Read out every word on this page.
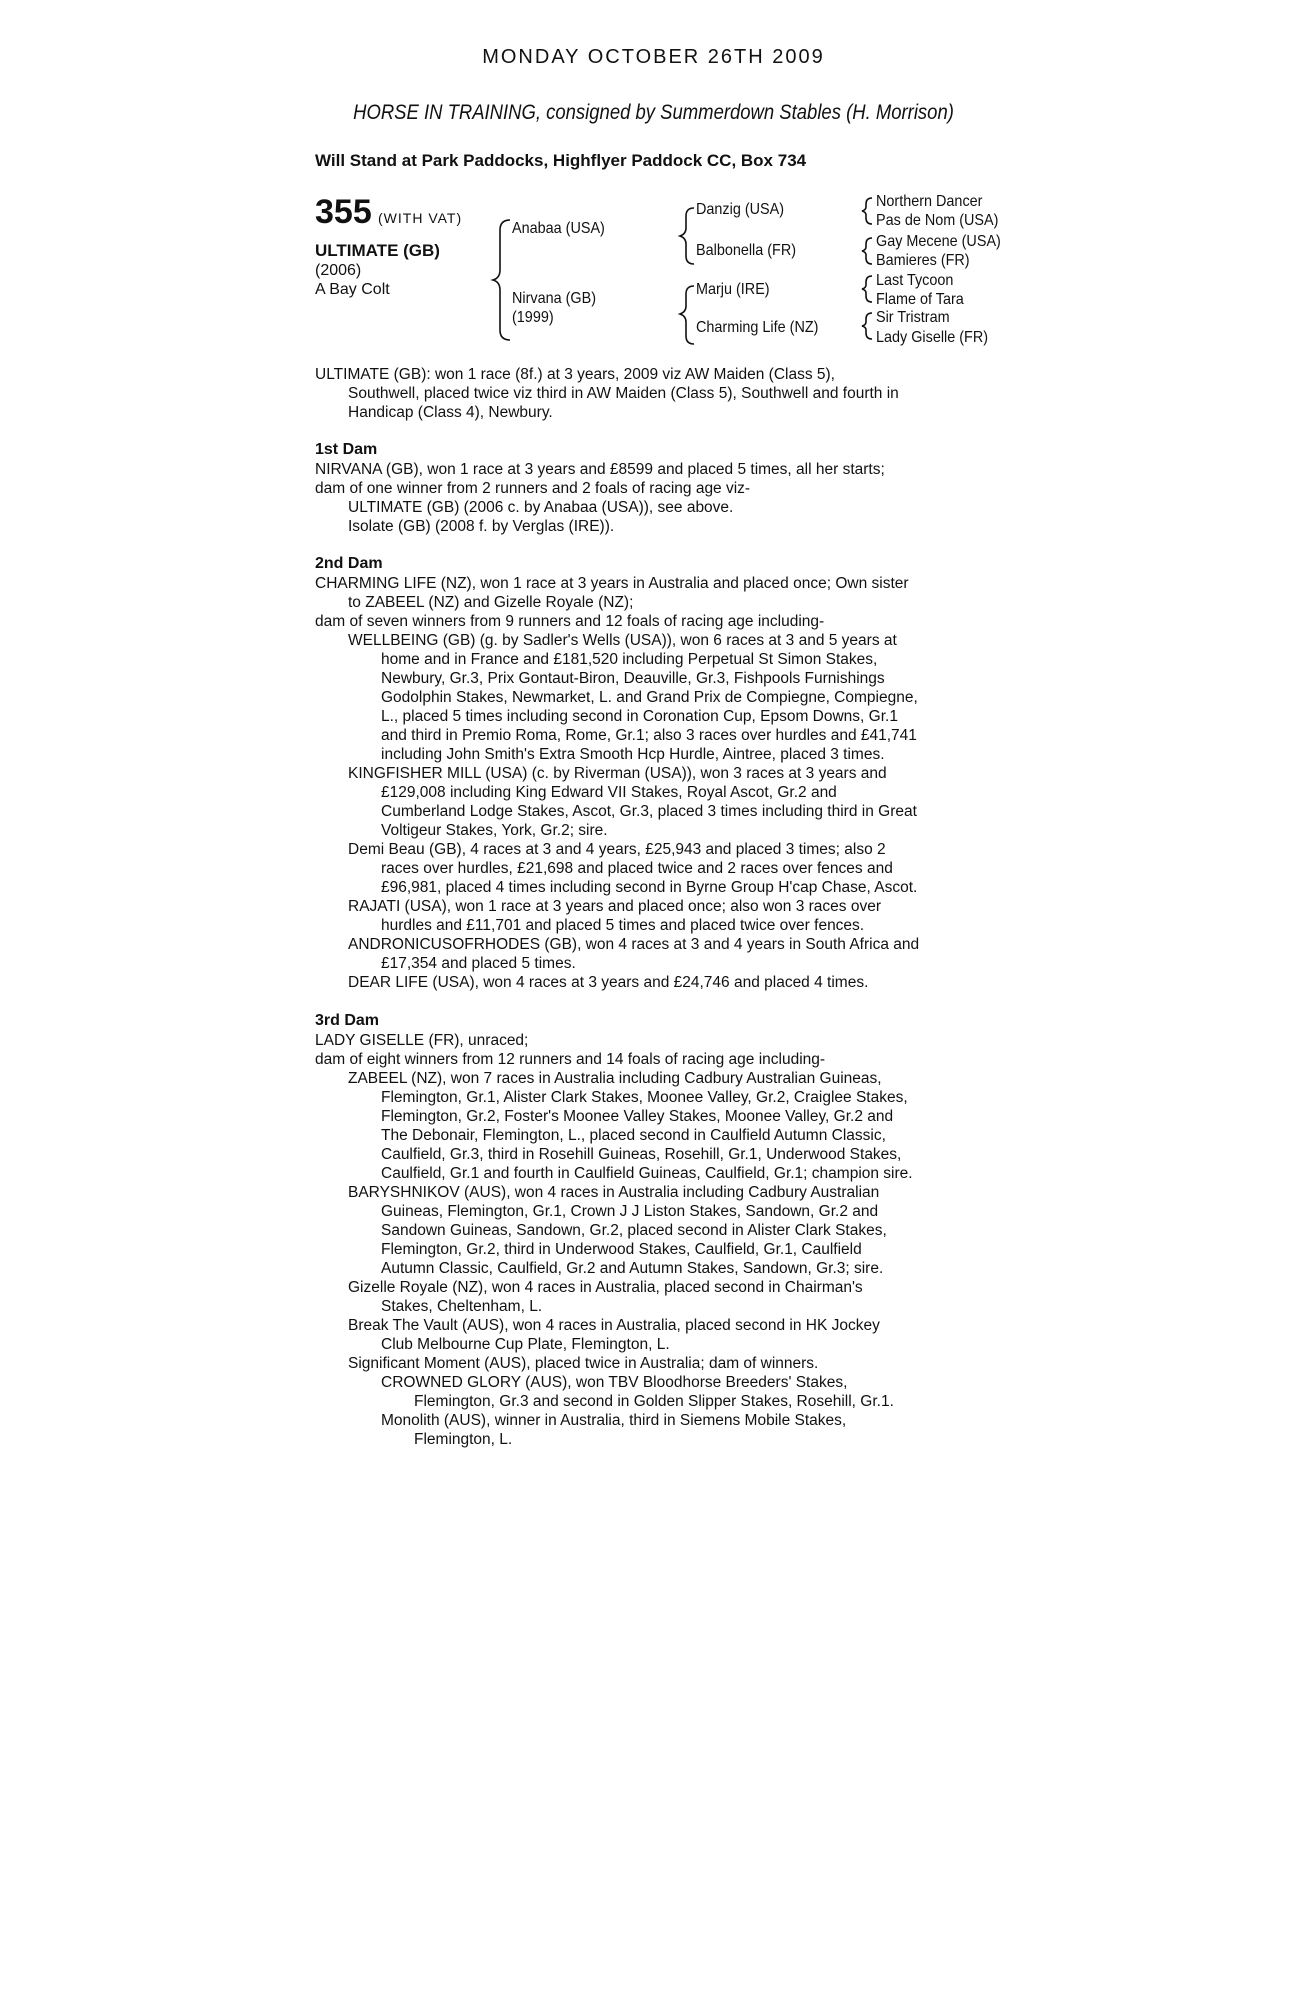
MONDAY OCTOBER 26TH 2009
HORSE IN TRAINING, consigned by Summerdown Stables (H. Morrison)
Will Stand at Park Paddocks, Highflyer Paddock CC, Box 734
355 (WITH VAT)
ULTIMATE (GB)
(2006)
A Bay Colt
Anabaa (USA)
Nirvana (GB)
(1999)
Danzig (USA)
Balbonella (FR)
Marju (IRE)
Charming Life (NZ)
Northern Dancer
Pas de Nom (USA)
Gay Mecene (USA)
Bamieres (FR)
Last Tycoon
Flame of Tara
Sir Tristram
Lady Giselle (FR)
ULTIMATE (GB): won 1 race (8f.) at 3 years, 2009 viz AW Maiden (Class 5),
Southwell, placed twice viz third in AW Maiden (Class 5), Southwell and fourth in
Handicap (Class 4), Newbury.
1st Dam
NIRVANA (GB), won 1 race at 3 years and £8599 and placed 5 times, all her starts;
dam of one winner from 2 runners and 2 foals of racing age viz-
ULTIMATE (GB) (2006 c. by Anabaa (USA)), see above.
Isolate (GB) (2008 f. by Verglas (IRE)).
2nd Dam
CHARMING LIFE (NZ), won 1 race at 3 years in Australia and placed once; Own sister
to ZABEEL (NZ) and Gizelle Royale (NZ);
dam of seven winners from 9 runners and 12 foals of racing age including-
WELLBEING (GB) (g. by Sadler's Wells (USA)), won 6 races at 3 and 5 years at
home and in France and £181,520 including Perpetual St Simon Stakes,
Newbury, Gr.3, Prix Gontaut-Biron, Deauville, Gr.3, Fishpools Furnishings
Godolphin Stakes, Newmarket, L. and Grand Prix de Compiegne, Compiegne,
L., placed 5 times including second in Coronation Cup, Epsom Downs, Gr.1
and third in Premio Roma, Rome, Gr.1; also 3 races over hurdles and £41,741
including John Smith's Extra Smooth Hcp Hurdle, Aintree, placed 3 times.
KINGFISHER MILL (USA) (c. by Riverman (USA)), won 3 races at 3 years and
£129,008 including King Edward VII Stakes, Royal Ascot, Gr.2 and
Cumberland Lodge Stakes, Ascot, Gr.3, placed 3 times including third in Great
Voltigeur Stakes, York, Gr.2; sire.
Demi Beau (GB), 4 races at 3 and 4 years, £25,943 and placed 3 times; also 2
races over hurdles, £21,698 and placed twice and 2 races over fences and
£96,981, placed 4 times including second in Byrne Group H'cap Chase, Ascot.
RAJATI (USA), won 1 race at 3 years and placed once; also won 3 races over
hurdles and £11,701 and placed 5 times and placed twice over fences.
ANDRONICUSOFRHODES (GB), won 4 races at 3 and 4 years in South Africa and
£17,354 and placed 5 times.
DEAR LIFE (USA), won 4 races at 3 years and £24,746 and placed 4 times.
3rd Dam
LADY GISELLE (FR), unraced;
dam of eight winners from 12 runners and 14 foals of racing age including-
ZABEEL (NZ), won 7 races in Australia including Cadbury Australian Guineas,
Flemington, Gr.1, Alister Clark Stakes, Moonee Valley, Gr.2, Craiglee Stakes,
Flemington, Gr.2, Foster's Moonee Valley Stakes, Moonee Valley, Gr.2 and
The Debonair, Flemington, L., placed second in Caulfield Autumn Classic,
Caulfield, Gr.3, third in Rosehill Guineas, Rosehill, Gr.1, Underwood Stakes,
Caulfield, Gr.1 and fourth in Caulfield Guineas, Caulfield, Gr.1; champion sire.
BARYSHNIKOV (AUS), won 4 races in Australia including Cadbury Australian
Guineas, Flemington, Gr.1, Crown J J Liston Stakes, Sandown, Gr.2 and
Sandown Guineas, Sandown, Gr.2, placed second in Alister Clark Stakes,
Flemington, Gr.2, third in Underwood Stakes, Caulfield, Gr.1, Caulfield
Autumn Classic, Caulfield, Gr.2 and Autumn Stakes, Sandown, Gr.3; sire.
Gizelle Royale (NZ), won 4 races in Australia, placed second in Chairman's
Stakes, Cheltenham, L.
Break The Vault (AUS), won 4 races in Australia, placed second in HK Jockey
Club Melbourne Cup Plate, Flemington, L.
Significant Moment (AUS), placed twice in Australia; dam of winners.
CROWNED GLORY (AUS), won TBV Bloodhorse Breeders' Stakes,
Flemington, Gr.3 and second in Golden Slipper Stakes, Rosehill, Gr.1.
Monolith (AUS), winner in Australia, third in Siemens Mobile Stakes,
Flemington, L.
